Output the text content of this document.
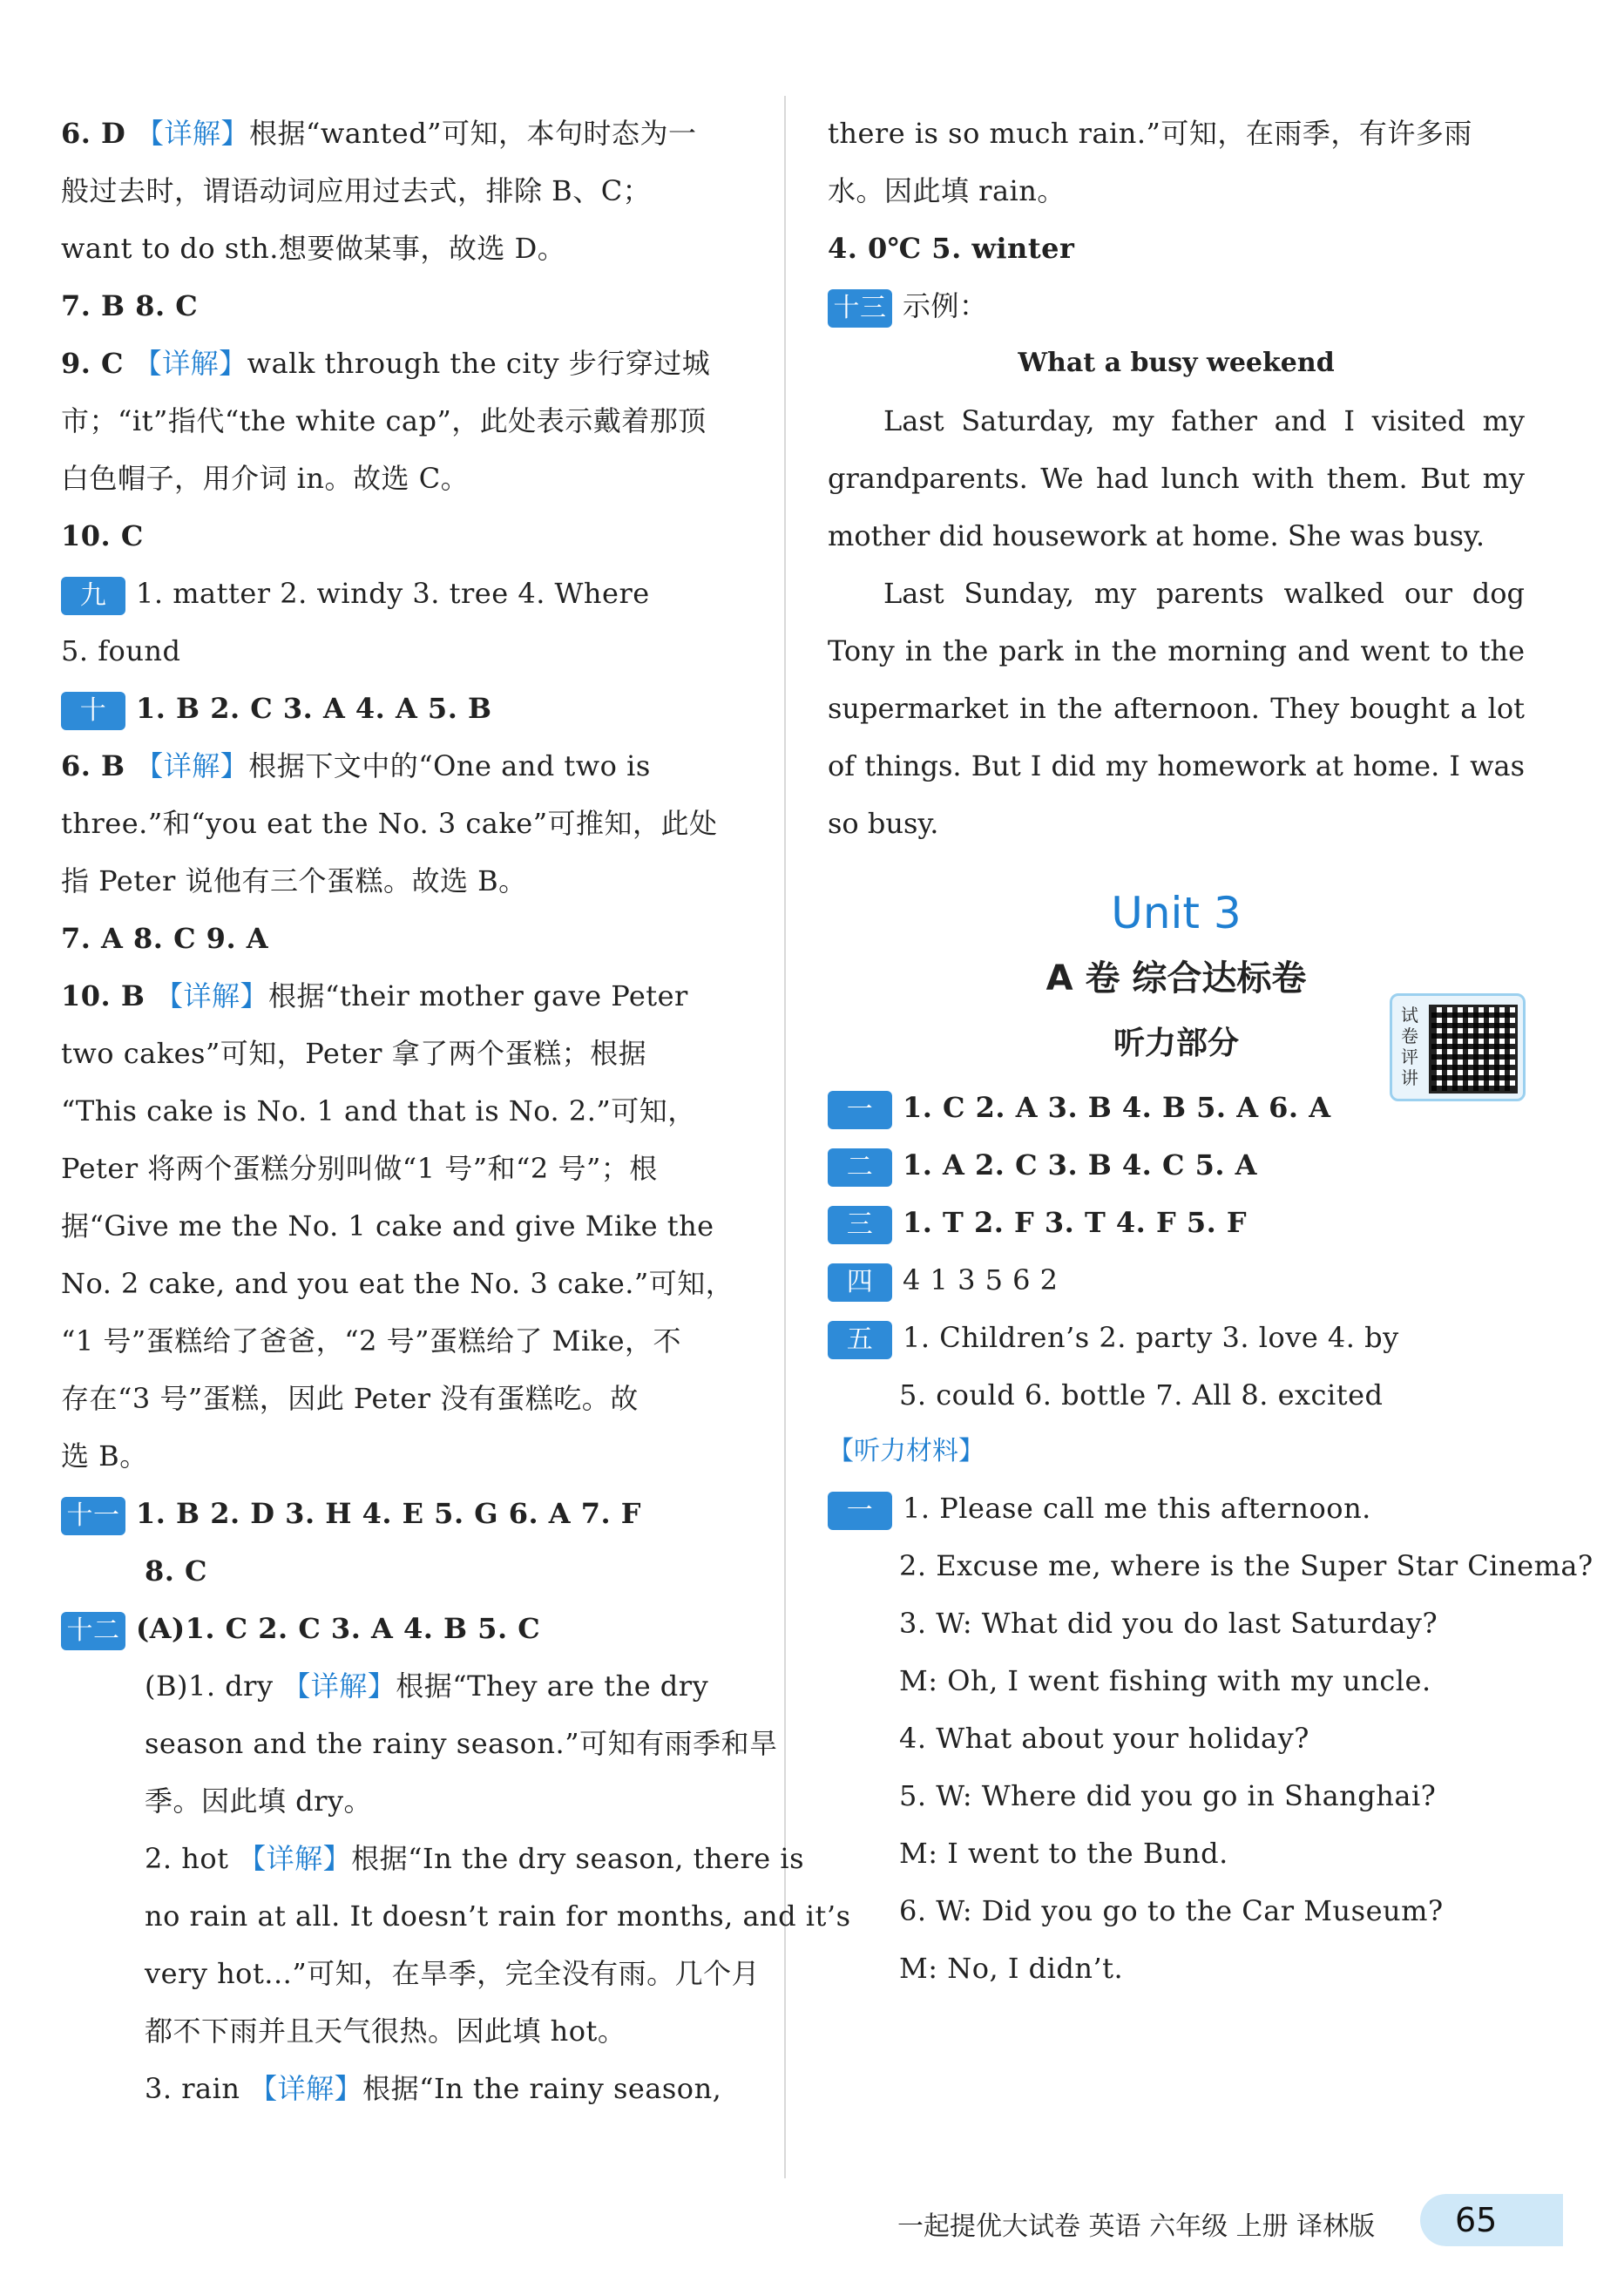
6. D 【详解】根据“wanted”可知，本句时态为一
般过去时，谓语动词应用过去式，排除 B、C；
want to do sth.想要做某事，故选 D。
7. B 8. C
9. C 【详解】walk through the city 步行穿过城
市；“it”指代“the white cap”，此处表示戴着那顶
白色帽子，用介词 in。故选 C。
10. C
九 1. matter 2. windy 3. tree 4. Where
5. found
十 1. B 2. C 3. A 4. A 5. B
6. B 【详解】根据下文中的“One and two is
three.”和“you eat the No. 3 cake”可推知，此处
指 Peter 说他有三个蛋糕。故选 B。
7. A 8. C 9. A
10. B 【详解】根据“their mother gave Peter
two cakes”可知，Peter 拿了两个蛋糕；根据
“This cake is No. 1 and that is No. 2.”可知，
Peter 将两个蛋糕分别叫做“1 号”和“2 号”；根
据“Give me the No. 1 cake and give Mike the
No. 2 cake, and you eat the No. 3 cake.”可知，
“1 号”蛋糕给了爸爸，“2 号”蛋糕给了 Mike，不
存在“3 号”蛋糕，因此 Peter 没有蛋糕吃。故
选 B。
十一 1. B 2. D 3. H 4. E 5. G 6. A 7. F
8. C
十二 (A)1. C 2. C 3. A 4. B 5. C
(B)1. dry 【详解】根据“They are the dry
season and the rainy season.”可知有雨季和旱
季。因此填 dry。
2. hot 【详解】根据“In the dry season, there is
no rain at all. It doesn’t rain for months, and it’s
very hot...”可知，在旱季，完全没有雨。几个月
都不下雨并且天气很热。因此填 hot。
3. rain 【详解】根据“In the rainy season,
there is so much rain.”可知，在雨季，有许多雨
水。因此填 rain。
4. 0℃ 5. winter
十三 示例：
What a busy weekend
Last Saturday, my father and I visited my grandparents. We had lunch with them. But my mother did housework at home. She was busy.
Last Sunday, my parents walked our dog Tony in the park in the morning and went to the supermarket in the afternoon. They bought a lot of things. But I did my homework at home. I was so busy.
Unit 3
A 卷 综合达标卷
听力部分
试卷评讲
一 1. C 2. A 3. B 4. B 5. A 6. A
二 1. A 2. C 3. B 4. C 5. A
三 1. T 2. F 3. T 4. F 5. F
四 4 1 3 5 6 2
五 1. Children’s 2. party 3. love 4. by
5. could 6. bottle 7. All 8. excited
【听力材料】
一 1. Please call me this afternoon.
2. Excuse me, where is the Super Star Cinema?
3. W: What did you do last Saturday?
M: Oh, I went fishing with my uncle.
4. What about your holiday?
5. W: Where did you go in Shanghai?
M: I went to the Bund.
6. W: Did you go to the Car Museum?
M: No, I didn’t.
一起提优大试卷 英语 六年级 上册 译林版	65
